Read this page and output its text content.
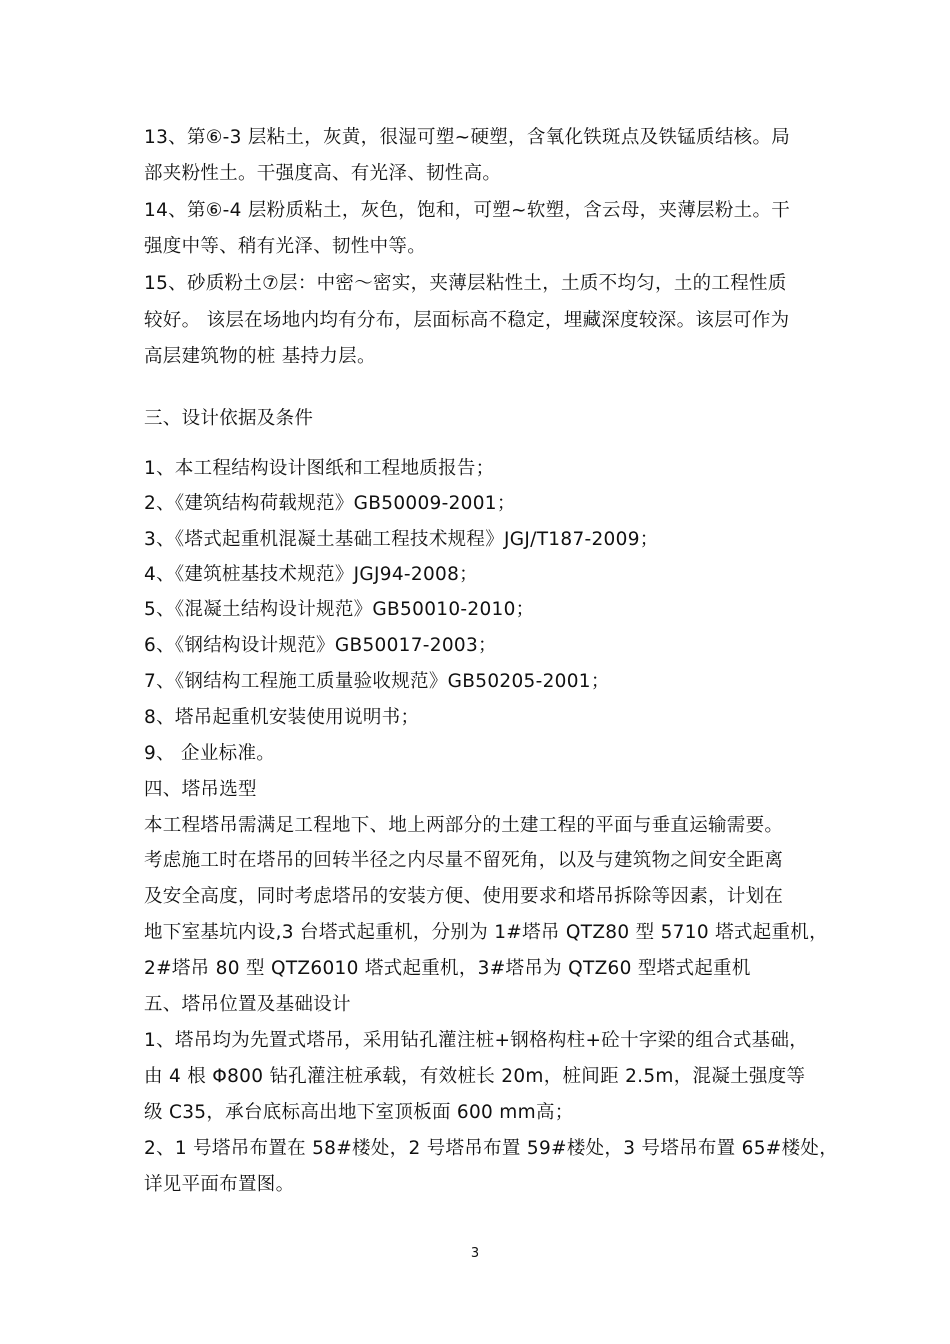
13、第⑥-3 层粘土，灰黄，很湿可塑~硬塑，含氧化铁斑点及铁锰质结核。局
部夹粉性土。干强度高、有光泽、韧性高。
14、第⑥-4 层粉质粘土，灰色，饱和，可塑~软塑，含云母，夹薄层粉土。干
强度中等、稍有光泽、韧性中等。
15、砂质粉土⑦层：中密～密实，夹薄层粘性土，土质不均匀，土的工程性质
较好。 该层在场地内均有分布，层面标高不稳定，埋藏深度较深。该层可作为
高层建筑物的桩 基持力层。
三、设计依据及条件
1、本工程结构设计图纸和工程地质报告；
2、《建筑结构荷载规范》GB50009-2001；
3、《塔式起重机混凝土基础工程技术规程》JGJ/T187-2009；
4、《建筑桩基技术规范》JGJ94-2008；
5、《混凝土结构设计规范》GB50010-2010；
6、《钢结构设计规范》GB50017-2003；
7、《钢结构工程施工质量验收规范》GB50205-2001；
8、塔吊起重机安装使用说明书；
9、 企业标准。
四、塔吊选型
本工程塔吊需满足工程地下、地上两部分的土建工程的平面与垂直运输需要。
考虑施工时在塔吊的回转半径之内尽量不留死角，以及与建筑物之间安全距离
及安全高度，同时考虑塔吊的安装方便、使用要求和塔吊拆除等因素，计划在
地下室基坑内设,3 台塔式起重机，分别为 1#塔吊 QTZ80 型 5710 塔式起重机，
2#塔吊 80 型 QTZ6010 塔式起重机，3#塔吊为 QTZ60 型塔式起重机
五、塔吊位置及基础设计
1、塔吊均为先置式塔吊，采用钻孔灌注桩+钢格构柱+砼十字梁的组合式基础，
由 4 根 Φ800 钻孔灌注桩承载，有效桩长 20m，桩间距 2.5m，混凝土强度等
级 C35，承台底标高出地下室顶板面 600 mm高；
2、1 号塔吊布置在 58#楼处，2 号塔吊布置 59#楼处，3 号塔吊布置 65#楼处，
详见平面布置图。
3
